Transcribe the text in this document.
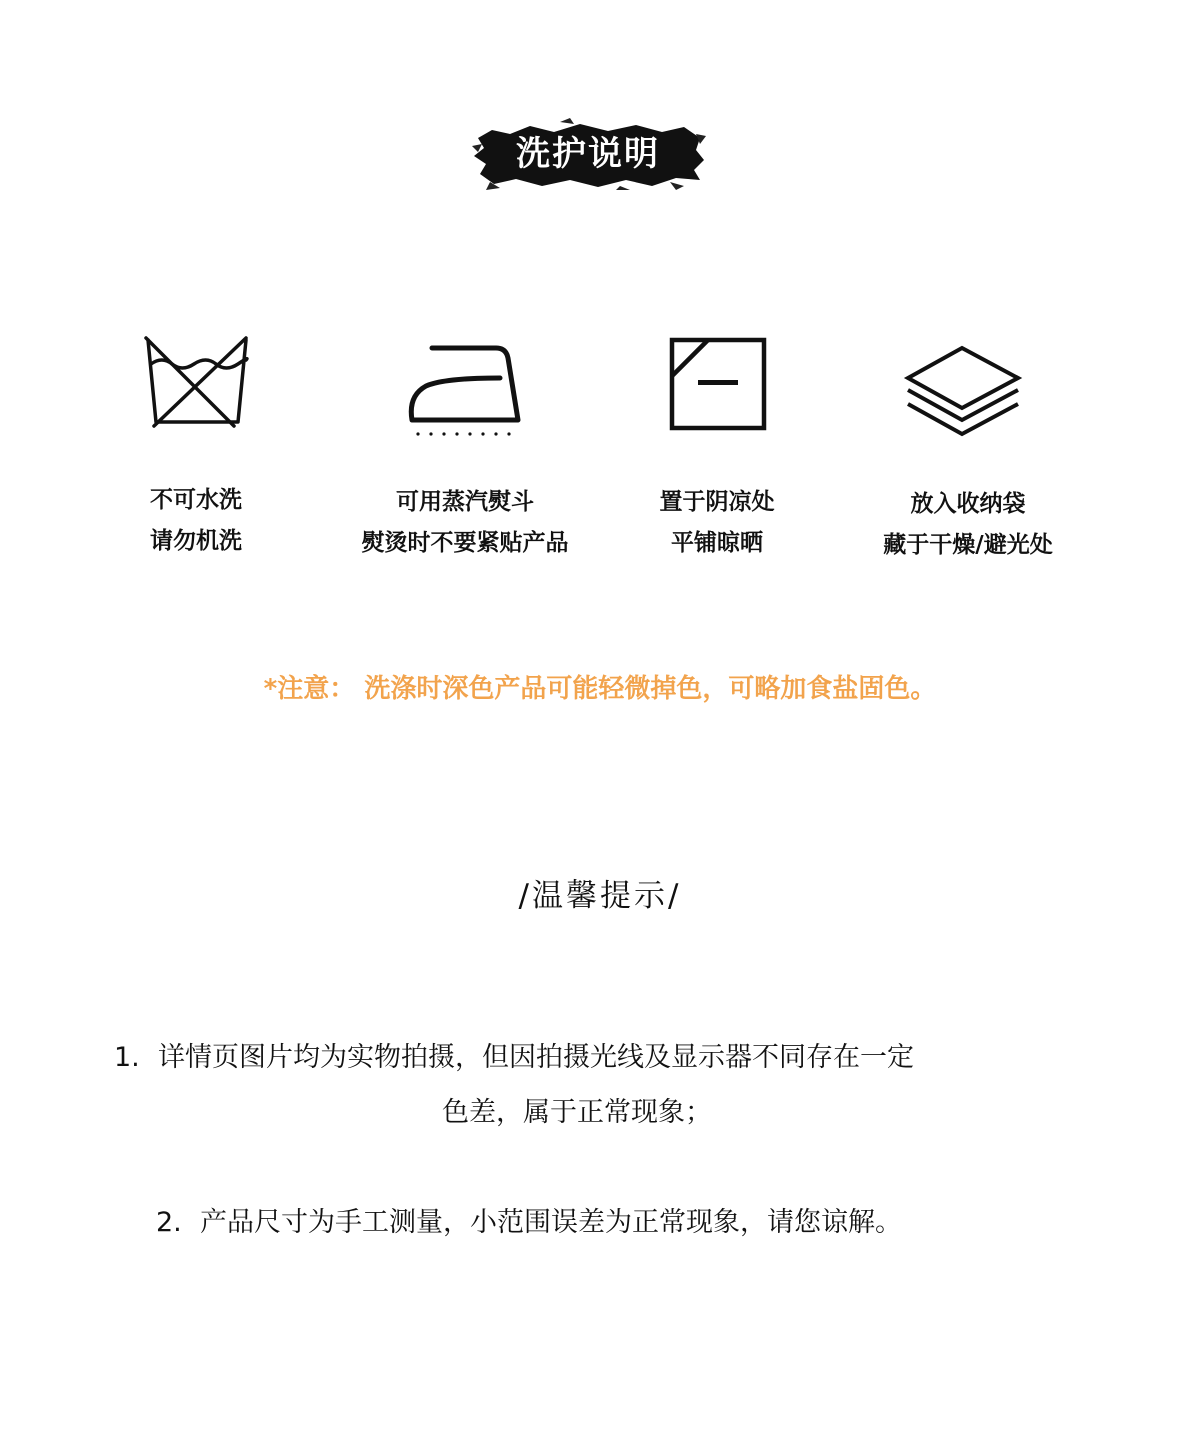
洗护说明
不可水洗
请勿机洗
可用蒸汽熨斗
熨烫时不要紧贴产品
置于阴凉处
平铺晾晒
放入收纳袋
藏于干燥/避光处
*注意： 洗涤时深色产品可能轻微掉色，可略加食盐固色。
/温馨提示/
1. 详情页图片均为实物拍摄，但因拍摄光线及显示器不同存在一定
色差，属于正常现象；
2. 产品尺寸为手工测量，小范围误差为正常现象，请您谅解。
